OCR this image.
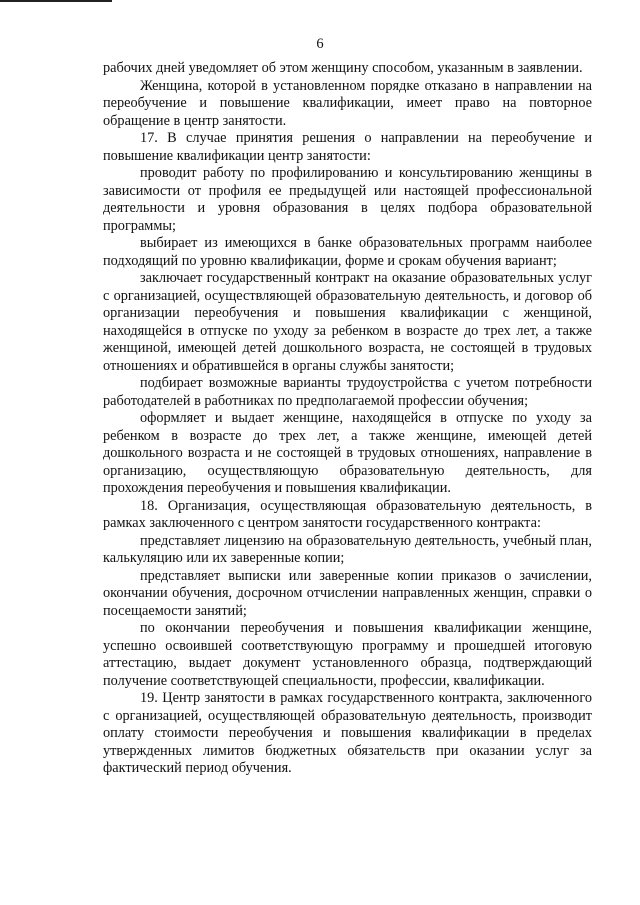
6

рабочих дней уведомляет об этом женщину способом, указанным в заявлении.

Женщина, которой в установленном порядке отказано в направлении на переобучение и повышение квалификации, имеет право на повторное обращение в центр занятости.

17. В случае принятия решения о направлении на переобучение и повышение квалификации центр занятости:

проводит работу по профилированию и консультированию женщины в зависимости от профиля ее предыдущей или настоящей профессиональной деятельности и уровня образования в целях подбора образовательной программы;

выбирает из имеющихся в банке образовательных программ наиболее подходящий по уровню квалификации, форме и срокам обучения вариант;

заключает государственный контракт на оказание образовательных услуг с организацией, осуществляющей образовательную деятельность, и договор об организации переобучения и повышения квалификации с женщиной, находящейся в отпуске по уходу за ребенком в возрасте до трех лет, а также женщиной, имеющей детей дошкольного возраста, не состоящей в трудовых отношениях и обратившейся в органы службы занятости;

подбирает возможные варианты трудоустройства с учетом потребности работодателей в работниках по предполагаемой профессии обучения;

оформляет и выдает женщине, находящейся в отпуске по уходу за ребенком в возрасте до трех лет, а также женщине, имеющей детей дошкольного возраста и не состоящей в трудовых отношениях, направление в организацию, осуществляющую образовательную деятельность, для прохождения переобучения и повышения квалификации.

18. Организация, осуществляющая образовательную деятельность, в рамках заключенного с центром занятости государственного контракта:

представляет лицензию на образовательную деятельность, учебный план, калькуляцию или их заверенные копии;

представляет выписки или заверенные копии приказов о зачислении, окончании обучения, досрочном отчислении направленных женщин, справки о посещаемости занятий;

по окончании переобучения и повышения квалификации женщине, успешно освоившей соответствующую программу и прошедшей итоговую аттестацию, выдает документ установленного образца, подтверждающий получение соответствующей специальности, профессии, квалификации.

19. Центр занятости в рамках государственного контракта, заключенного с организацией, осуществляющей образовательную деятельность, производит оплату стоимости переобучения и повышения квалификации в пределах утвержденных лимитов бюджетных обязательств при оказании услуг за фактический период обучения.
